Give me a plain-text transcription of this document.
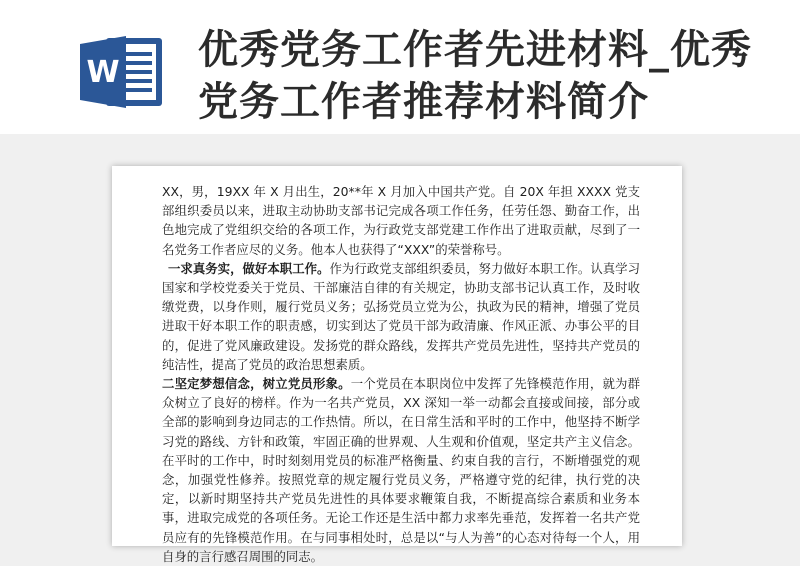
W 优秀党务工作者先进材料_优秀党务工作者推荐材料简介

XX，男，19XX 年 X 月出生，20**年 X 月加入中国共产党。自 20X 年担 XXXX 党支部组织委员以来，进取主动协助支部书记完成各项工作任务，任劳任怨、勤奋工作，出色地完成了党组织交给的各项工作，为行政党支部党建工作作出了进取贡献，尽到了一名党务工作者应尽的义务。他本人也获得了“XXX”的荣誉称号。

一求真务实，做好本职工作。作为行政党支部组织委员，努力做好本职工作。认真学习国家和学校党委关于党员、干部廉洁自律的有关规定，协助支部书记认真工作，及时收缴党费，以身作则，履行党员义务；弘扬党员立党为公，执政为民的精神，增强了党员进取干好本职工作的职责感，切实到达了党员干部为政清廉、作风正派、办事公平的目的，促进了党风廉政建设。发扬党的群众路线，发挥共产党员先进性，坚持共产党员的纯洁性，提高了党员的政治思想素质。

二坚定梦想信念，树立党员形象。一个党员在本职岗位中发挥了先锋模范作用，就为群众树立了良好的榜样。作为一名共产党员，XX 深知一举一动都会直接或间接，部分或全部的影响到身边同志的工作热情。所以，在日常生活和平时的工作中，他坚持不断学习党的路线、方针和政策，牢固正确的世界观、人生观和价值观，坚定共产主义信念。在平时的工作中，时时刻刻用党员的标准严格衡量、约束自我的言行，不断增强党的观念，加强党性修养。按照党章的规定履行党员义务，严格遵守党的纪律，执行党的决定，以新时期坚持共产党员先进性的具体要求鞭策自我，不断提高综合素质和业务本事，进取完成党的各项任务。无论工作还是生活中都力求率先垂范，发挥着一名共产党员应有的先锋模范作用。在与同事相处时，总是以“与人为善”的心态对待每一个人，用自身的言行感召周围的同志。
